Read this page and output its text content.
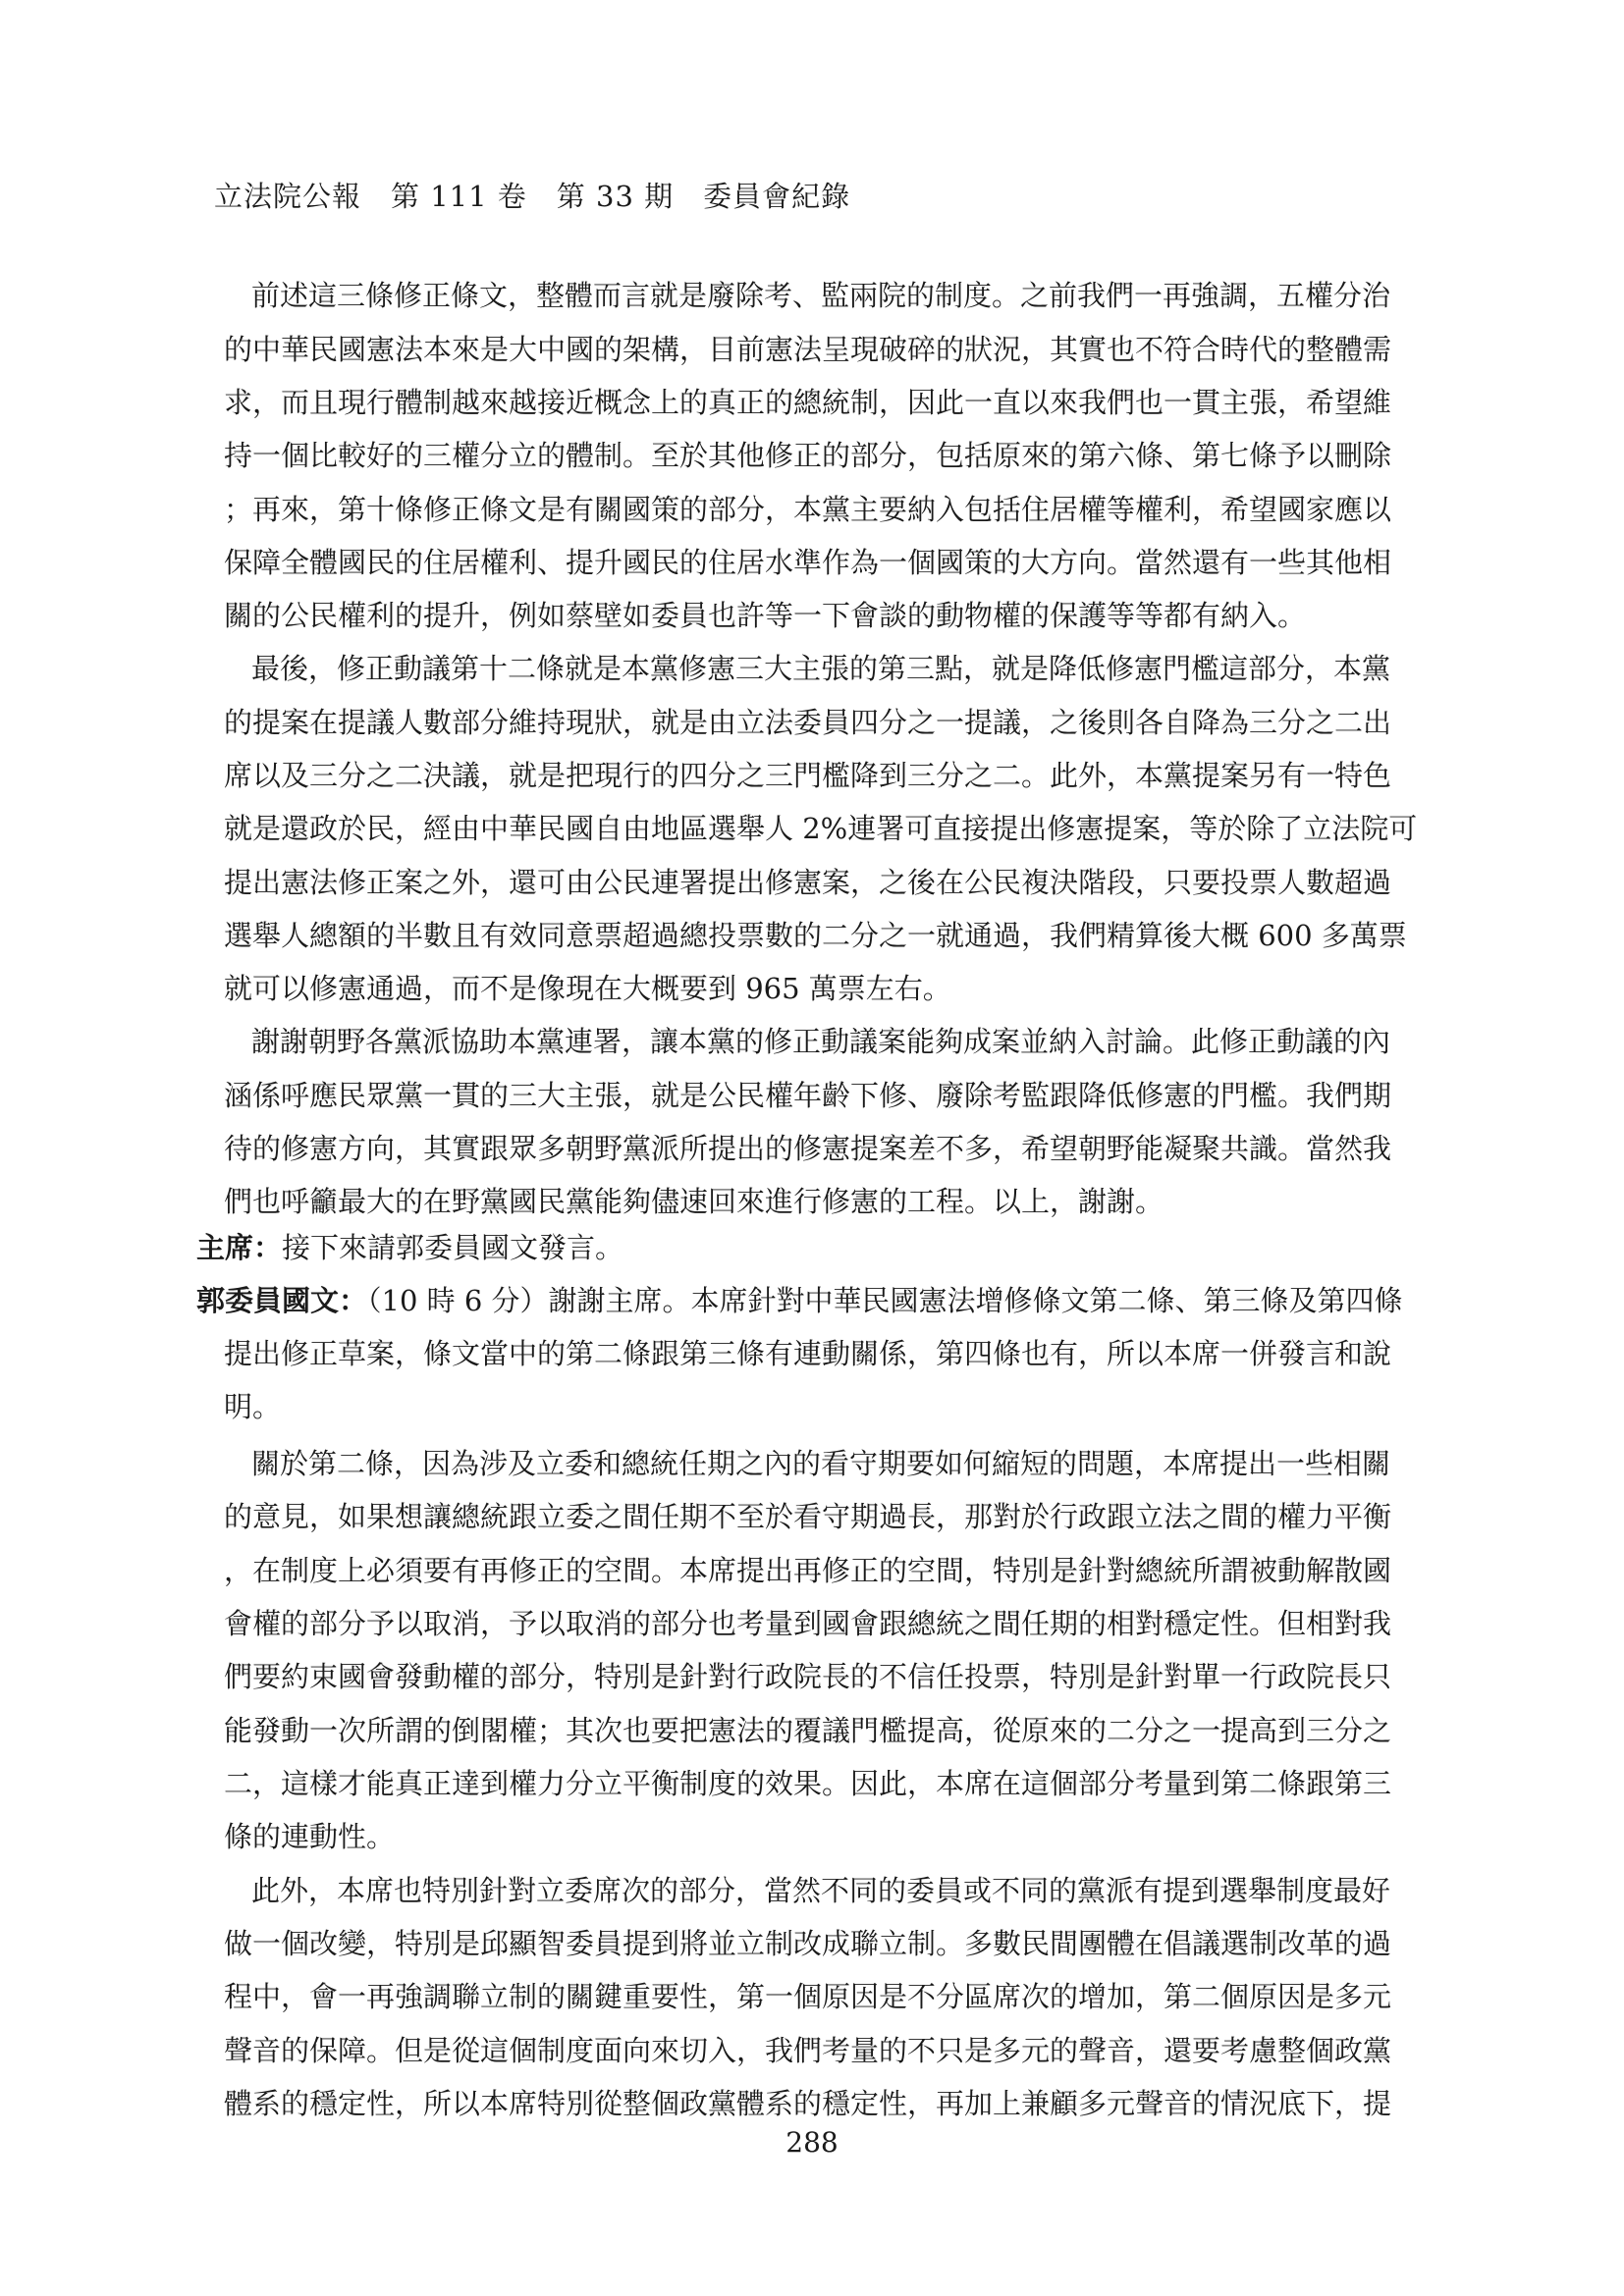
立法院公報　第 111 卷　第 33 期　委員會紀錄
前述這三條修正條文，整體而言就是廢除考、監兩院的制度。之前我們一再強調，五權分治
的中華民國憲法本來是大中國的架構，目前憲法呈現破碎的狀況，其實也不符合時代的整體需
求，而且現行體制越來越接近概念上的真正的總統制，因此一直以來我們也一貫主張，希望維
持一個比較好的三權分立的體制。至於其他修正的部分，包括原來的第六條、第七條予以刪除
；再來，第十條修正條文是有關國策的部分，本黨主要納入包括住居權等權利，希望國家應以
保障全體國民的住居權利、提升國民的住居水準作為一個國策的大方向。當然還有一些其他相
關的公民權利的提升，例如蔡壁如委員也許等一下會談的動物權的保護等等都有納入。
最後，修正動議第十二條就是本黨修憲三大主張的第三點，就是降低修憲門檻這部分，本黨
的提案在提議人數部分維持現狀，就是由立法委員四分之一提議，之後則各自降為三分之二出
席以及三分之二決議，就是把現行的四分之三門檻降到三分之二。此外，本黨提案另有一特色
就是還政於民，經由中華民國自由地區選舉人 2%連署可直接提出修憲提案，等於除了立法院可
提出憲法修正案之外，還可由公民連署提出修憲案，之後在公民複決階段，只要投票人數超過
選舉人總額的半數且有效同意票超過總投票數的二分之一就通過，我們精算後大概 600 多萬票
就可以修憲通過，而不是像現在大概要到 965 萬票左右。
謝謝朝野各黨派協助本黨連署，讓本黨的修正動議案能夠成案並納入討論。此修正動議的內
涵係呼應民眾黨一貫的三大主張，就是公民權年齡下修、廢除考監跟降低修憲的門檻。我們期
待的修憲方向，其實跟眾多朝野黨派所提出的修憲提案差不多，希望朝野能凝聚共識。當然我
們也呼籲最大的在野黨國民黨能夠儘速回來進行修憲的工程。以上，謝謝。
主席：接下來請郭委員國文發言。
郭委員國文：（10 時 6 分）謝謝主席。本席針對中華民國憲法增修條文第二條、第三條及第四條
提出修正草案，條文當中的第二條跟第三條有連動關係，第四條也有，所以本席一併發言和說
明。
關於第二條，因為涉及立委和總統任期之內的看守期要如何縮短的問題，本席提出一些相關
的意見，如果想讓總統跟立委之間任期不至於看守期過長，那對於行政跟立法之間的權力平衡
，在制度上必須要有再修正的空間。本席提出再修正的空間，特別是針對總統所謂被動解散國
會權的部分予以取消，予以取消的部分也考量到國會跟總統之間任期的相對穩定性。但相對我
們要約束國會發動權的部分，特別是針對行政院長的不信任投票，特別是針對單一行政院長只
能發動一次所謂的倒閣權；其次也要把憲法的覆議門檻提高，從原來的二分之一提高到三分之
二，這樣才能真正達到權力分立平衡制度的效果。因此，本席在這個部分考量到第二條跟第三
條的連動性。
此外，本席也特別針對立委席次的部分，當然不同的委員或不同的黨派有提到選舉制度最好
做一個改變，特別是邱顯智委員提到將並立制改成聯立制。多數民間團體在倡議選制改革的過
程中，會一再強調聯立制的關鍵重要性，第一個原因是不分區席次的增加，第二個原因是多元
聲音的保障。但是從這個制度面向來切入，我們考量的不只是多元的聲音，還要考慮整個政黨
體系的穩定性，所以本席特別從整個政黨體系的穩定性，再加上兼顧多元聲音的情況底下，提
288
